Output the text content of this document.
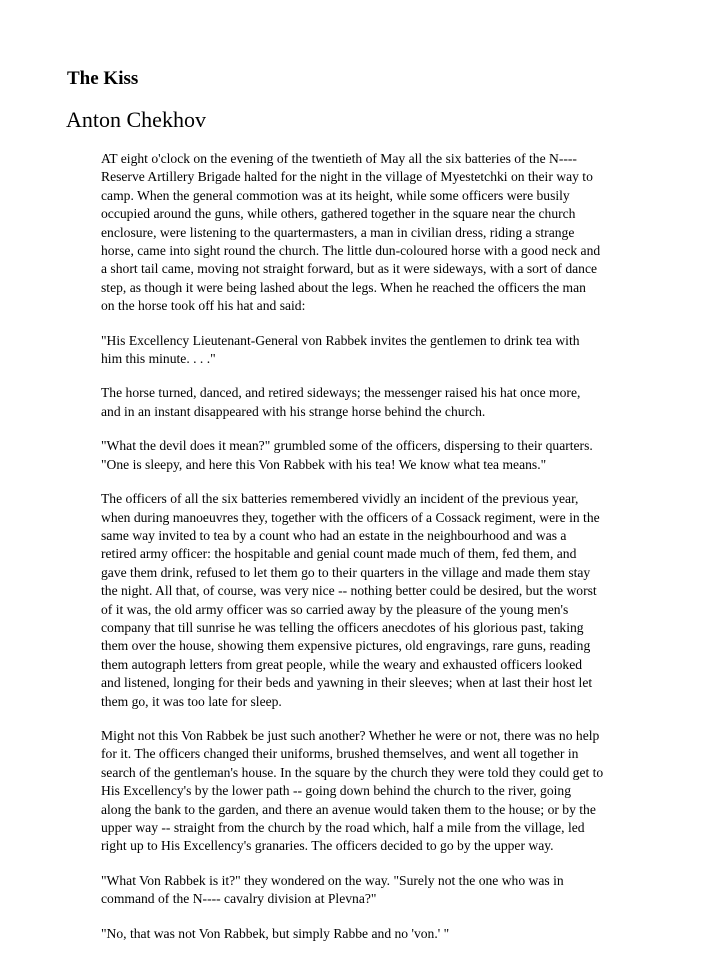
The Kiss
Anton Chekhov

AT eight o'clock on the evening of the twentieth of May all the six batteries of the N----
Reserve Artillery Brigade halted for the night in the village of Myestetchki on their way to
camp. When the general commotion was at its height, while some officers were busily
occupied around the guns, while others, gathered together in the square near the church
enclosure, were listening to the quartermasters, a man in civilian dress, riding a strange
horse, came into sight round the church. The little dun-coloured horse with a good neck and
a short tail came, moving not straight forward, but as it were sideways, with a sort of dance
step, as though it were being lashed about the legs. When he reached the officers the man
on the horse took off his hat and said:

"His Excellency Lieutenant-General von Rabbek invites the gentlemen to drink tea with
him this minute. . . ."

The horse turned, danced, and retired sideways; the messenger raised his hat once more,
and in an instant disappeared with his strange horse behind the church.

"What the devil does it mean?" grumbled some of the officers, dispersing to their quarters.
"One is sleepy, and here this Von Rabbek with his tea! We know what tea means."

The officers of all the six batteries remembered vividly an incident of the previous year,
when during manoeuvres they, together with the officers of a Cossack regiment, were in the
same way invited to tea by a count who had an estate in the neighbourhood and was a
retired army officer: the hospitable and genial count made much of them, fed them, and
gave them drink, refused to let them go to their quarters in the village and made them stay
the night. All that, of course, was very nice -- nothing better could be desired, but the worst
of it was, the old army officer was so carried away by the pleasure of the young men's
company that till sunrise he was telling the officers anecdotes of his glorious past, taking
them over the house, showing them expensive pictures, old engravings, rare guns, reading
them autograph letters from great people, while the weary and exhausted officers looked
and listened, longing for their beds and yawning in their sleeves; when at last their host let
them go, it was too late for sleep.

Might not this Von Rabbek be just such another? Whether he were or not, there was no help
for it. The officers changed their uniforms, brushed themselves, and went all together in
search of the gentleman's house. In the square by the church they were told they could get to
His Excellency's by the lower path -- going down behind the church to the river, going
along the bank to the garden, and there an avenue would taken them to the house; or by the
upper way -- straight from the church by the road which, half a mile from the village, led
right up to His Excellency's granaries. The officers decided to go by the upper way.

"What Von Rabbek is it?" they wondered on the way. "Surely not the one who was in
command of the N---- cavalry division at Plevna?"

"No, that was not Von Rabbek, but simply Rabbe and no 'von.' "
